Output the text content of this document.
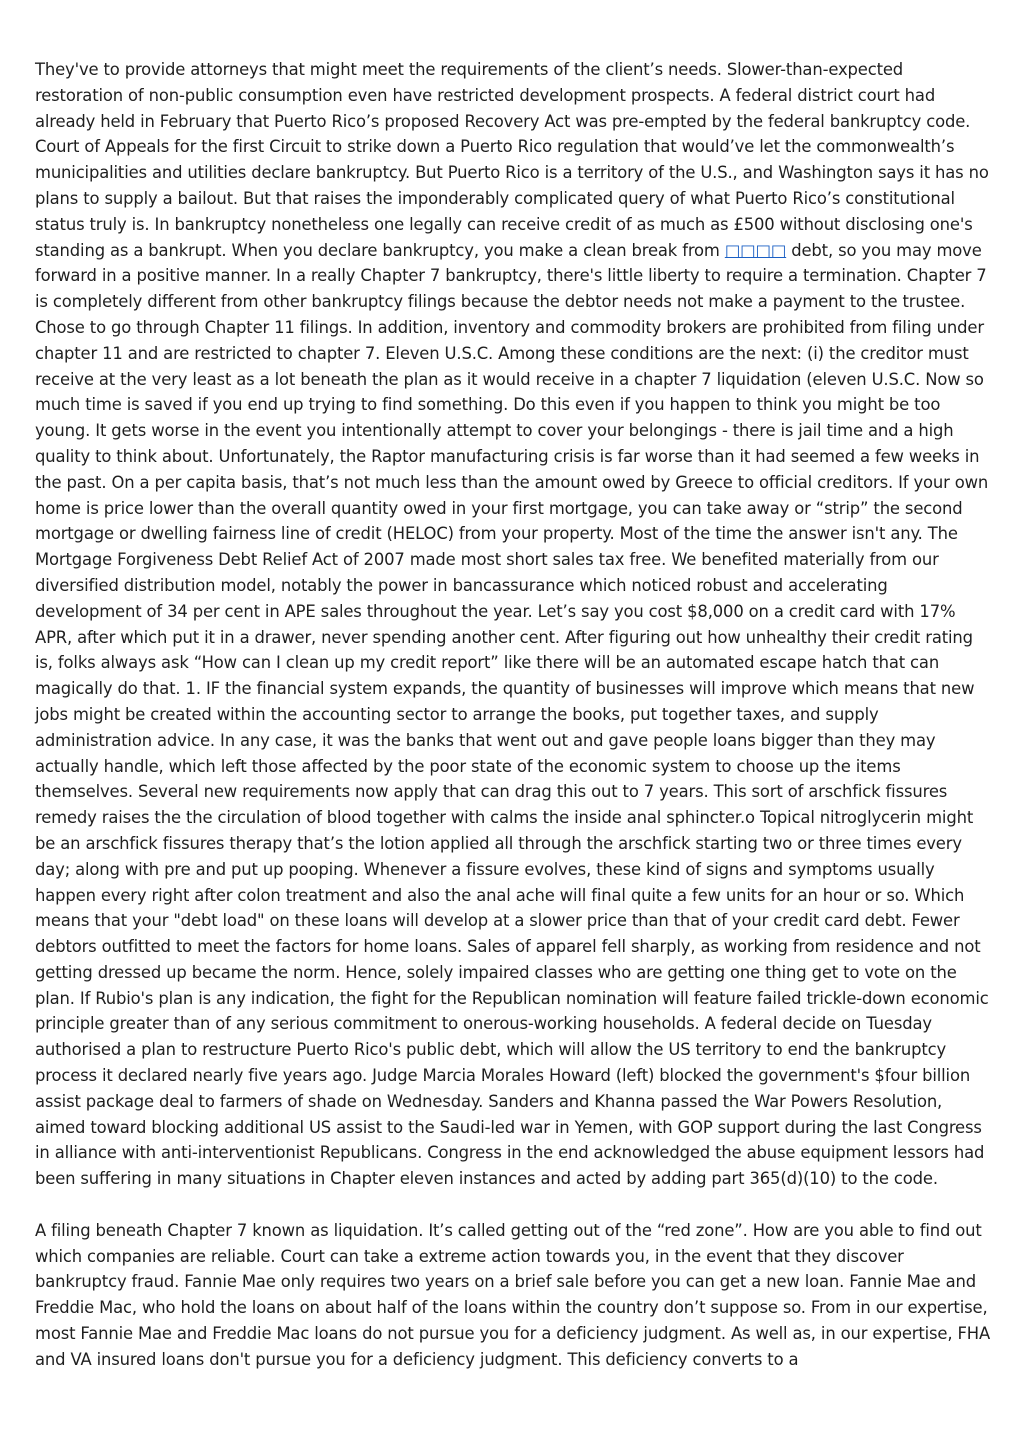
They've to provide attorneys that might meet the requirements of the client’s needs. Slower-than-expected restoration of non-public consumption even have restricted development prospects. A federal district court had already held in February that Puerto Rico’s proposed Recovery Act was pre-empted by the federal bankruptcy code. Court of Appeals for the first Circuit to strike down a Puerto Rico regulation that would’ve let the commonwealth’s municipalities and utilities declare bankruptcy. But Puerto Rico is a territory of the U.S., and Washington says it has no plans to supply a bailout. But that raises the imponderably complicated query of what Puerto Rico’s constitutional status truly is. In bankruptcy nonetheless one legally can receive credit of as much as £500 without disclosing one's standing as a bankrupt. When you declare bankruptcy, you make a clean break from □□□□ debt, so you may move forward in a positive manner. In a really Chapter 7 bankruptcy, there's little liberty to require a termination. Chapter 7 is completely different from other bankruptcy filings because the debtor needs not make a payment to the trustee. Chose to go through Chapter 11 filings. In addition, inventory and commodity brokers are prohibited from filing under chapter 11 and are restricted to chapter 7. Eleven U.S.C. Among these conditions are the next: (i) the creditor must receive at the very least as a lot beneath the plan as it would receive in a chapter 7 liquidation (eleven U.S.C. Now so much time is saved if you end up trying to find something. Do this even if you happen to think you might be too young. It gets worse in the event you intentionally attempt to cover your belongings - there is jail time and a high quality to think about. Unfortunately, the Raptor manufacturing crisis is far worse than it had seemed a few weeks in the past. On a per capita basis, that’s not much less than the amount owed by Greece to official creditors. If your own home is price lower than the overall quantity owed in your first mortgage, you can take away or “strip” the second mortgage or dwelling fairness line of credit (HELOC) from your property. Most of the time the answer isn't any. The Mortgage Forgiveness Debt Relief Act of 2007 made most short sales tax free. We benefited materially from our diversified distribution model, notably the power in bancassurance which noticed robust and accelerating development of 34 per cent in APE sales throughout the year. Let’s say you cost $8,000 on a credit card with 17% APR, after which put it in a drawer, never spending another cent. After figuring out how unhealthy their credit rating is, folks always ask “How can I clean up my credit report” like there will be an automated escape hatch that can magically do that. 1. IF the financial system expands, the quantity of businesses will improve which means that new jobs might be created within the accounting sector to arrange the books, put together taxes, and supply administration advice. In any case, it was the banks that went out and gave people loans bigger than they may actually handle, which left those affected by the poor state of the economic system to choose up the items themselves. Several new requirements now apply that can drag this out to 7 years. This sort of arschfick fissures remedy raises the the circulation of blood together with calms the inside anal sphincter.o Topical nitroglycerin might be an arschfick fissures therapy that’s the lotion applied all through the arschfick starting two or three times every day; along with pre and put up pooping. Whenever a fissure evolves, these kind of signs and symptoms usually happen every right after colon treatment and also the anal ache will final quite a few units for an hour or so. Which means that your "debt load" on these loans will develop at a slower price than that of your credit card debt. Fewer debtors outfitted to meet the factors for home loans. Sales of apparel fell sharply, as working from residence and not getting dressed up became the norm. Hence, solely impaired classes who are getting one thing get to vote on the plan. If Rubio's plan is any indication, the fight for the Republican nomination will feature failed trickle-down economic principle greater than of any serious commitment to onerous-working households. A federal decide on Tuesday authorised a plan to restructure Puerto Rico's public debt, which will allow the US territory to end the bankruptcy process it declared nearly five years ago. Judge Marcia Morales Howard (left) blocked the government's $four billion assist package deal to farmers of shade on Wednesday. Sanders and Khanna passed the War Powers Resolution, aimed toward blocking additional US assist to the Saudi-led war in Yemen, with GOP support during the last Congress in alliance with anti-interventionist Republicans. Congress in the end acknowledged the abuse equipment lessors had been suffering in many situations in Chapter eleven instances and acted by adding part 365(d)(10) to the code.

A filing beneath Chapter 7 known as liquidation. It’s called getting out of the “red zone”. How are you able to find out which companies are reliable. Court can take a extreme action towards you, in the event that they discover bankruptcy fraud. Fannie Mae only requires two years on a brief sale before you can get a new loan. Fannie Mae and Freddie Mac, who hold the loans on about half of the loans within the country don’t suppose so. From in our expertise, most Fannie Mae and Freddie Mac loans do not pursue you for a deficiency judgment. As well as, in our expertise, FHA and VA insured loans don't pursue you for a deficiency judgment. This deficiency converts to a
